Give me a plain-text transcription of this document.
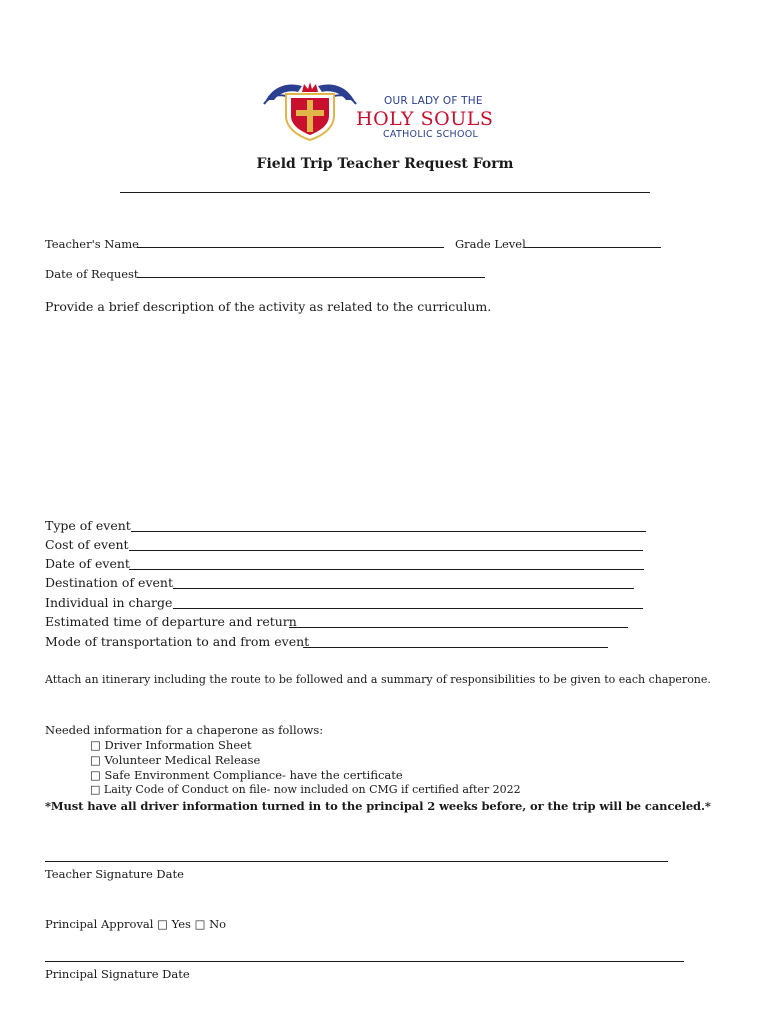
OUR LADY OF THE
HOLY SOULS
CATHOLIC SCHOOL
Field Trip Teacher Request Form
Teacher's Name	Grade Level
Date of Request
Provide a brief description of the activity as related to the curriculum.
Type of event
Cost of event
Date of event
Destination of event
Individual in charge
Estimated time of departure and return
Mode of transportation to and from event
Attach an itinerary including the route to be followed and a summary of responsibilities to be given to each chaperone.
Needed information for a chaperone as follows:
□ Driver Information Sheet
□ Volunteer Medical Release
□ Safe Environment Compliance- have the certificate
□ Laity Code of Conduct on file- now included on CMG if certified after 2022
*Must have all driver information turned in to the principal 2 weeks before, or the trip will be canceled.*
Teacher Signature Date
Principal Approval □ Yes □ No
Principal Signature Date
